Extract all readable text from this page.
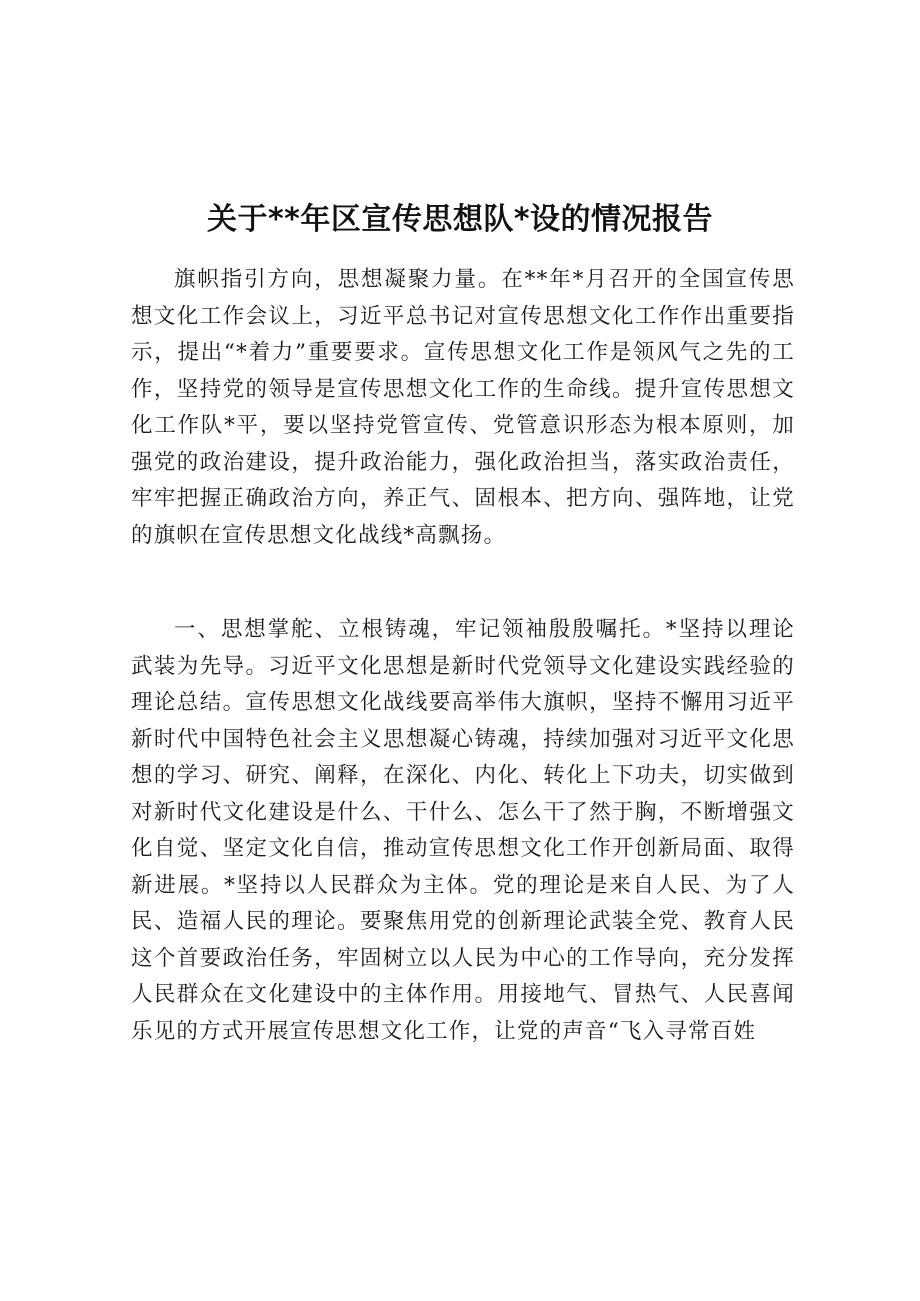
关于**年区宣传思想队*设的情况报告

旗帜指引方向，思想凝聚力量。在**年*月召开的全国宣传思想文化工作会议上，习近平总书记对宣传思想文化工作作出重要指示，提出“*着力”重要要求。宣传思想文化工作是领风气之先的工作，坚持党的领导是宣传思想文化工作的生命线。提升宣传思想文化工作队*平，要以坚持党管宣传、党管意识形态为根本原则，加强党的政治建设，提升政治能力，强化政治担当，落实政治责任，牢牢把握正确政治方向，养正气、固根本、把方向、强阵地，让党的旗帜在宣传思想文化战线*高飘扬。

一、思想掌舵、立根铸魂，牢记领袖殷殷嘱托。*坚持以理论武装为先导。习近平文化思想是新时代党领导文化建设实践经验的理论总结。宣传思想文化战线要高举伟大旗帜，坚持不懈用习近平新时代中国特色社会主义思想凝心铸魂，持续加强对习近平文化思想的学习、研究、阐释，在深化、内化、转化上下功夫，切实做到对新时代文化建设是什么、干什么、怎么干了然于胸，不断增强文化自觉、坚定文化自信，推动宣传思想文化工作开创新局面、取得新进展。*坚持以人民群众为主体。党的理论是来自人民、为了人民、造福人民的理论。要聚焦用党的创新理论武装全党、教育人民这个首要政治任务，牢固树立以人民为中心的工作导向，充分发挥人民群众在文化建设中的主体作用。用接地气、冒热气、人民喜闻乐见的方式开展宣传思想文化工作，让党的声音“飞入寻常百姓
